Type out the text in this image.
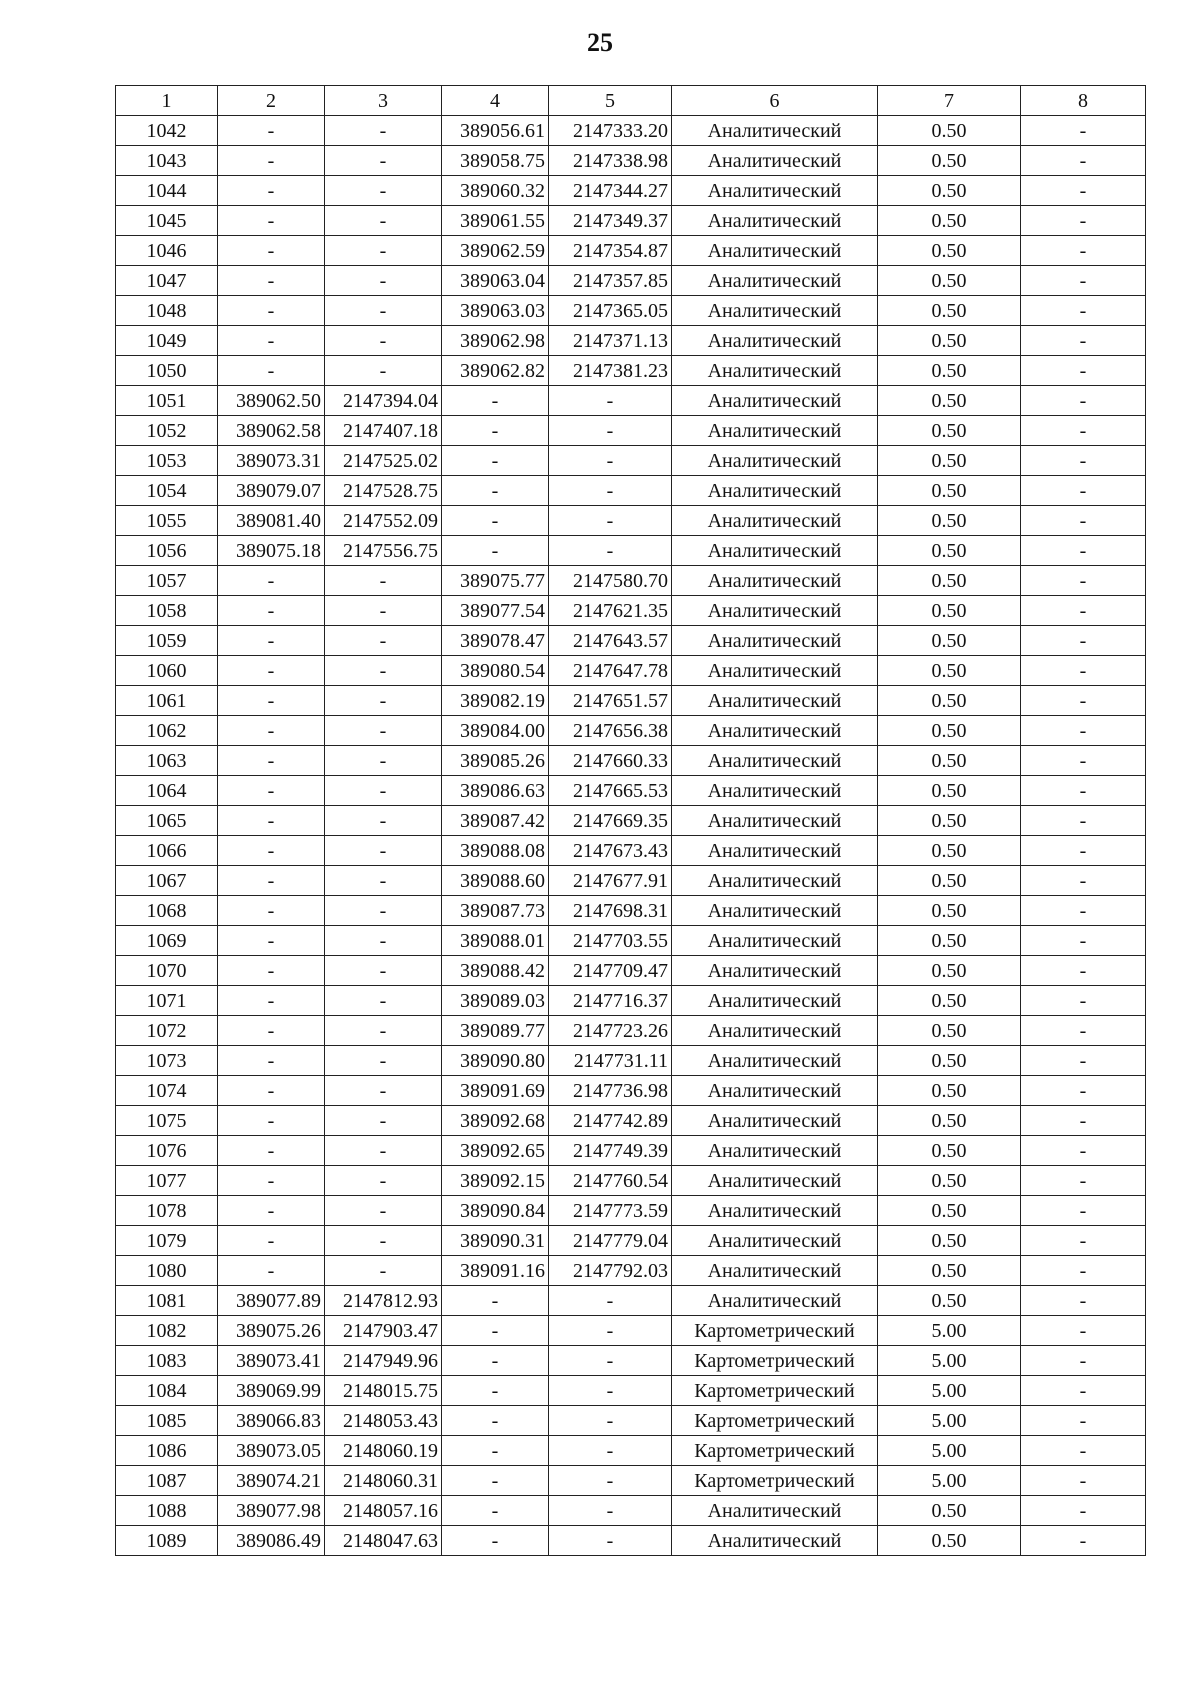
25
1	2	3	4	5	6	7	8
1042	-	-	389056.61	2147333.20	Аналитический	0.50	-
1043	-	-	389058.75	2147338.98	Аналитический	0.50	-
1044	-	-	389060.32	2147344.27	Аналитический	0.50	-
1045	-	-	389061.55	2147349.37	Аналитический	0.50	-
1046	-	-	389062.59	2147354.87	Аналитический	0.50	-
1047	-	-	389063.04	2147357.85	Аналитический	0.50	-
1048	-	-	389063.03	2147365.05	Аналитический	0.50	-
1049	-	-	389062.98	2147371.13	Аналитический	0.50	-
1050	-	-	389062.82	2147381.23	Аналитический	0.50	-
1051	389062.50	2147394.04	-	-	Аналитический	0.50	-
1052	389062.58	2147407.18	-	-	Аналитический	0.50	-
1053	389073.31	2147525.02	-	-	Аналитический	0.50	-
1054	389079.07	2147528.75	-	-	Аналитический	0.50	-
1055	389081.40	2147552.09	-	-	Аналитический	0.50	-
1056	389075.18	2147556.75	-	-	Аналитический	0.50	-
1057	-	-	389075.77	2147580.70	Аналитический	0.50	-
1058	-	-	389077.54	2147621.35	Аналитический	0.50	-
1059	-	-	389078.47	2147643.57	Аналитический	0.50	-
1060	-	-	389080.54	2147647.78	Аналитический	0.50	-
1061	-	-	389082.19	2147651.57	Аналитический	0.50	-
1062	-	-	389084.00	2147656.38	Аналитический	0.50	-
1063	-	-	389085.26	2147660.33	Аналитический	0.50	-
1064	-	-	389086.63	2147665.53	Аналитический	0.50	-
1065	-	-	389087.42	2147669.35	Аналитический	0.50	-
1066	-	-	389088.08	2147673.43	Аналитический	0.50	-
1067	-	-	389088.60	2147677.91	Аналитический	0.50	-
1068	-	-	389087.73	2147698.31	Аналитический	0.50	-
1069	-	-	389088.01	2147703.55	Аналитический	0.50	-
1070	-	-	389088.42	2147709.47	Аналитический	0.50	-
1071	-	-	389089.03	2147716.37	Аналитический	0.50	-
1072	-	-	389089.77	2147723.26	Аналитический	0.50	-
1073	-	-	389090.80	2147731.11	Аналитический	0.50	-
1074	-	-	389091.69	2147736.98	Аналитический	0.50	-
1075	-	-	389092.68	2147742.89	Аналитический	0.50	-
1076	-	-	389092.65	2147749.39	Аналитический	0.50	-
1077	-	-	389092.15	2147760.54	Аналитический	0.50	-
1078	-	-	389090.84	2147773.59	Аналитический	0.50	-
1079	-	-	389090.31	2147779.04	Аналитический	0.50	-
1080	-	-	389091.16	2147792.03	Аналитический	0.50	-
1081	389077.89	2147812.93	-	-	Аналитический	0.50	-
1082	389075.26	2147903.47	-	-	Картометрический	5.00	-
1083	389073.41	2147949.96	-	-	Картометрический	5.00	-
1084	389069.99	2148015.75	-	-	Картометрический	5.00	-
1085	389066.83	2148053.43	-	-	Картометрический	5.00	-
1086	389073.05	2148060.19	-	-	Картометрический	5.00	-
1087	389074.21	2148060.31	-	-	Картометрический	5.00	-
1088	389077.98	2148057.16	-	-	Аналитический	0.50	-
1089	389086.49	2148047.63	-	-	Аналитический	0.50	-
